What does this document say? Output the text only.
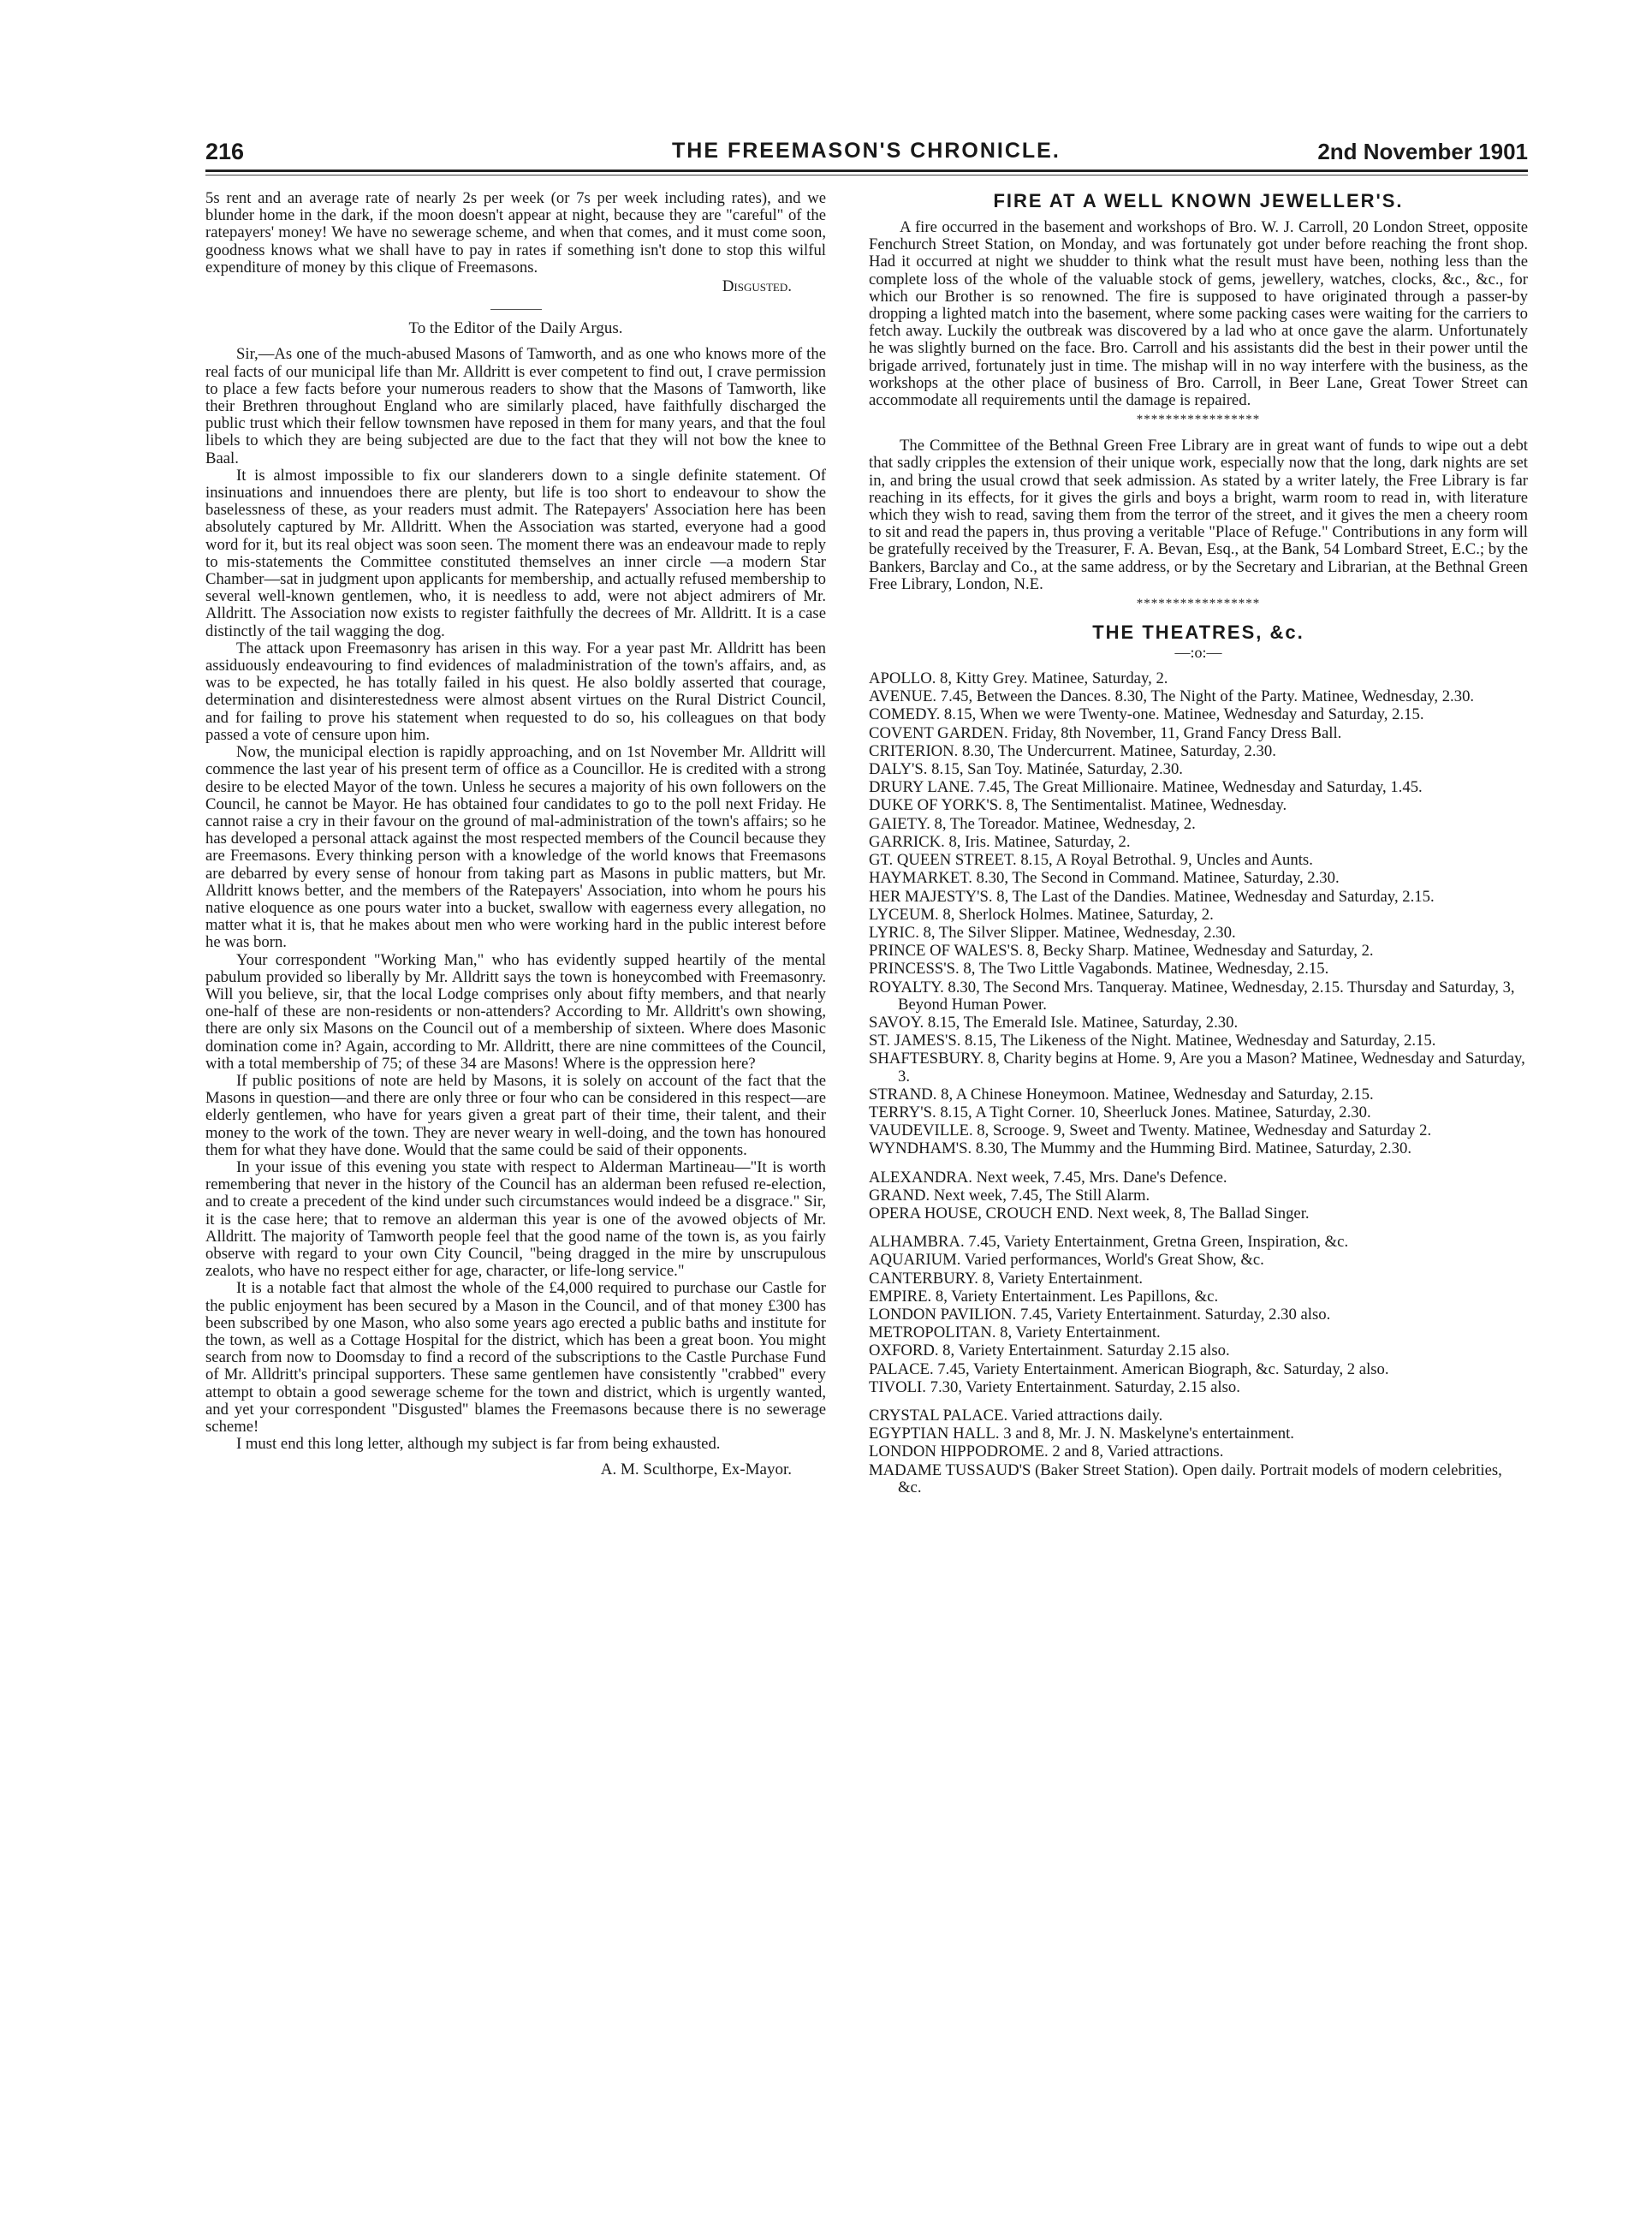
216	THE FREEMASON'S CHRONICLE.	2nd November 1901

5s rent and an average rate of nearly 2s per week (or 7s per week including rates), and we blunder home in the dark, if the moon doesn't appear at night, because they are "careful" of the ratepayers' money! We have no sewerage scheme, and when that comes, and it must come soon, goodness knows what we shall have to pay in rates if something isn't done to stop this wilful expenditure of money by this clique of Freemasons.

Disgusted.

To the Editor of the Daily Argus.

Sir,—As one of the much-abused Masons of Tamworth, and as one who knows more of the real facts of our municipal life than Mr. Alldritt is ever competent to find out, I crave permission to place a few facts before your numerous readers to show that the Masons of Tamworth, like their Brethren throughout England who are similarly placed, have faithfully discharged the public trust which their fellow townsmen have reposed in them for many years, and that the foul libels to which they are being subjected are due to the fact that they will not bow the knee to Baal.

It is almost impossible to fix our slanderers down to a single definite statement. Of insinuations and innuendoes there are plenty, but life is too short to endeavour to show the baselessness of these, as your readers must admit. The Ratepayers' Association here has been absolutely captured by Mr. Alldritt. When the Association was started, everyone had a good word for it, but its real object was soon seen. The moment there was an endeavour made to reply to mis-statements the Committee constituted themselves an inner circle —a modern Star Chamber—sat in judgment upon applicants for membership, and actually refused membership to several well-known gentlemen, who, it is needless to add, were not abject admirers of Mr. Alldritt. The Association now exists to register faithfully the decrees of Mr. Alldritt. It is a case distinctly of the tail wagging the dog.

The attack upon Freemasonry has arisen in this way. For a year past Mr. Alldritt has been assiduously endeavouring to find evidences of maladministration of the town's affairs, and, as was to be expected, he has totally failed in his quest. He also boldly asserted that courage, determination and disinterestedness were almost absent virtues on the Rural District Council, and for failing to prove his statement when requested to do so, his colleagues on that body passed a vote of censure upon him.

Now, the municipal election is rapidly approaching, and on 1st November Mr. Alldritt will commence the last year of his present term of office as a Councillor. He is credited with a strong desire to be elected Mayor of the town. Unless he secures a majority of his own followers on the Council, he cannot be Mayor. He has obtained four candidates to go to the poll next Friday. He cannot raise a cry in their favour on the ground of mal-administration of the town's affairs; so he has developed a personal attack against the most respected members of the Council because they are Freemasons. Every thinking person with a knowledge of the world knows that Freemasons are debarred by every sense of honour from taking part as Masons in public matters, but Mr. Alldritt knows better, and the members of the Ratepayers' Association, into whom he pours his native eloquence as one pours water into a bucket, swallow with eagerness every allegation, no matter what it is, that he makes about men who were working hard in the public interest before he was born.

Your correspondent "Working Man," who has evidently supped heartily of the mental pabulum provided so liberally by Mr. Alldritt says the town is honeycombed with Freemasonry. Will you believe, sir, that the local Lodge comprises only about fifty members, and that nearly one-half of these are non-residents or non-attenders? According to Mr. Alldritt's own showing, there are only six Masons on the Council out of a membership of sixteen. Where does Masonic domination come in? Again, according to Mr. Alldritt, there are nine committees of the Council, with a total membership of 75; of these 34 are Masons! Where is the oppression here?

If public positions of note are held by Masons, it is solely on account of the fact that the Masons in question—and there are only three or four who can be considered in this respect—are elderly gentlemen, who have for years given a great part of their time, their talent, and their money to the work of the town. They are never weary in well-doing, and the town has honoured them for what they have done. Would that the same could be said of their opponents.

In your issue of this evening you state with respect to Alderman Martineau—"It is worth remembering that never in the history of the Council has an alderman been refused re-election, and to create a precedent of the kind under such circumstances would indeed be a disgrace." Sir, it is the case here; that to remove an alderman this year is one of the avowed objects of Mr. Alldritt. The majority of Tamworth people feel that the good name of the town is, as you fairly observe with regard to your own City Council, "being dragged in the mire by unscrupulous zealots, who have no respect either for age, character, or life-long service."

It is a notable fact that almost the whole of the £4,000 required to purchase our Castle for the public enjoyment has been secured by a Mason in the Council, and of that money £300 has been subscribed by one Mason, who also some years ago erected a public baths and institute for the town, as well as a Cottage Hospital for the district, which has been a great boon. You might search from now to Doomsday to find a record of the subscriptions to the Castle Purchase Fund of Mr. Alldritt's principal supporters. These same gentlemen have consistently "crabbed" every attempt to obtain a good sewerage scheme for the town and district, which is urgently wanted, and yet your correspondent "Disgusted" blames the Freemasons because there is no sewerage scheme!

I must end this long letter, although my subject is far from being exhausted.

A. M. Sculthorpe, Ex-Mayor.

FIRE AT A WELL KNOWN JEWELLER'S.

A fire occurred in the basement and workshops of Bro. W. J. Carroll, 20 London Street, opposite Fenchurch Street Station, on Monday, and was fortunately got under before reaching the front shop. Had it occurred at night we shudder to think what the result must have been, nothing less than the complete loss of the whole of the valuable stock of gems, jewellery, watches, clocks, &c., &c., for which our Brother is so renowned. The fire is supposed to have originated through a passer-by dropping a lighted match into the basement, where some packing cases were waiting for the carriers to fetch away. Luckily the outbreak was discovered by a lad who at once gave the alarm. Unfortunately he was slightly burned on the face. Bro. Carroll and his assistants did the best in their power until the brigade arrived, fortunately just in time. The mishap will in no way interfere with the business, as the workshops at the other place of business of Bro. Carroll, in Beer Lane, Great Tower Street can accommodate all requirements until the damage is repaired.

*****************

The Committee of the Bethnal Green Free Library are in great want of funds to wipe out a debt that sadly cripples the extension of their unique work, especially now that the long, dark nights are set in, and bring the usual crowd that seek admission. As stated by a writer lately, the Free Library is far reaching in its effects, for it gives the girls and boys a bright, warm room to read in, with literature which they wish to read, saving them from the terror of the street, and it gives the men a cheery room to sit and read the papers in, thus proving a veritable "Place of Refuge." Contributions in any form will be gratefully received by the Treasurer, F. A. Bevan, Esq., at the Bank, 54 Lombard Street, E.C.; by the Bankers, Barclay and Co., at the same address, or by the Secretary and Librarian, at the Bethnal Green Free Library, London, N.E.

*****************
THE THEATRES, &c.
—:o:—

APOLLO. 8, Kitty Grey. Matinee, Saturday, 2.

AVENUE. 7.45, Between the Dances. 8.30, The Night of the Party. Matinee, Wednesday, 2.30.

COMEDY. 8.15, When we were Twenty-one. Matinee, Wednesday and Saturday, 2.15.

COVENT GARDEN. Friday, 8th November, 11, Grand Fancy Dress Ball.

CRITERION. 8.30, The Undercurrent. Matinee, Saturday, 2.30.

DALY'S. 8.15, San Toy. Matinée, Saturday, 2.30.

DRURY LANE. 7.45, The Great Millionaire. Matinee, Wednesday and Saturday, 1.45.

DUKE OF YORK'S. 8, The Sentimentalist. Matinee, Wednesday.

GAIETY. 8, The Toreador. Matinee, Wednesday, 2.

GARRICK. 8, Iris. Matinee, Saturday, 2.

GT. QUEEN STREET. 8.15, A Royal Betrothal. 9, Uncles and Aunts.

HAYMARKET. 8.30, The Second in Command. Matinee, Saturday, 2.30.

HER MAJESTY'S. 8, The Last of the Dandies. Matinee, Wednesday and Saturday, 2.15.

LYCEUM. 8, Sherlock Holmes. Matinee, Saturday, 2.

LYRIC. 8, The Silver Slipper. Matinee, Wednesday, 2.30.

PRINCE OF WALES'S. 8, Becky Sharp. Matinee, Wednesday and Saturday, 2.

PRINCESS'S. 8, The Two Little Vagabonds. Matinee, Wednesday, 2.15.

ROYALTY. 8.30, The Second Mrs. Tanqueray. Matinee, Wednesday, 2.15. Thursday and Saturday, 3, Beyond Human Power.

SAVOY. 8.15, The Emerald Isle. Matinee, Saturday, 2.30.

ST. JAMES'S. 8.15, The Likeness of the Night. Matinee, Wednesday and Saturday, 2.15.

SHAFTESBURY. 8, Charity begins at Home. 9, Are you a Mason? Matinee, Wednesday and Saturday, 3.

STRAND. 8, A Chinese Honeymoon. Matinee, Wednesday and Saturday, 2.15.

TERRY'S. 8.15, A Tight Corner. 10, Sheerluck Jones. Matinee, Saturday, 2.30.

VAUDEVILLE. 8, Scrooge. 9, Sweet and Twenty. Matinee, Wednesday and Saturday 2.

WYNDHAM'S. 8.30, The Mummy and the Humming Bird. Matinee, Saturday, 2.30.

ALEXANDRA. Next week, 7.45, Mrs. Dane's Defence.

GRAND. Next week, 7.45, The Still Alarm.

OPERA HOUSE, CROUCH END. Next week, 8, The Ballad Singer.

ALHAMBRA. 7.45, Variety Entertainment, Gretna Green, Inspiration, &c.

AQUARIUM. Varied performances, World's Great Show, &c.

CANTERBURY. 8, Variety Entertainment.

EMPIRE. 8, Variety Entertainment. Les Papillons, &c.

LONDON PAVILION. 7.45, Variety Entertainment. Saturday, 2.30 also.

METROPOLITAN. 8, Variety Entertainment.

OXFORD. 8, Variety Entertainment. Saturday 2.15 also.

PALACE. 7.45, Variety Entertainment. American Biograph, &c. Saturday, 2 also.

TIVOLI. 7.30, Variety Entertainment. Saturday, 2.15 also.

CRYSTAL PALACE. Varied attractions daily.

EGYPTIAN HALL. 3 and 8, Mr. J. N. Maskelyne's entertainment.

LONDON HIPPODROME. 2 and 8, Varied attractions.

MADAME TUSSAUD'S (Baker Street Station). Open daily. Portrait models of modern celebrities, &c.
